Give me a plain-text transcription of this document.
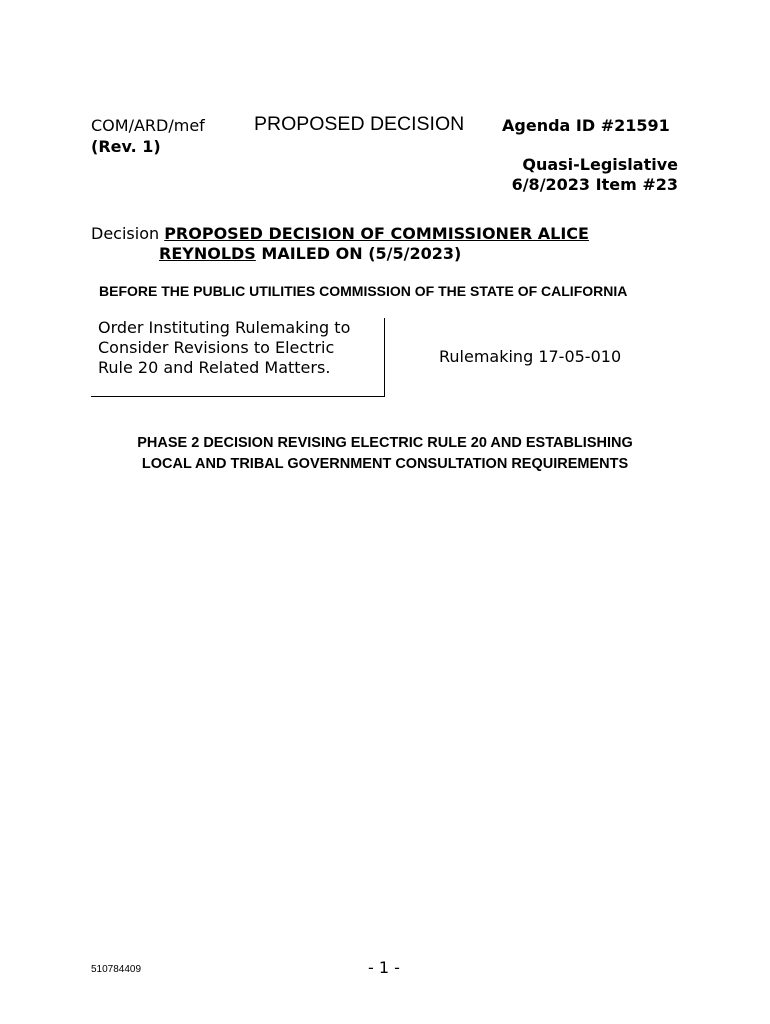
COM/ARD/mef
(Rev. 1)
PROPOSED DECISION Agenda ID #21591
Quasi-Legislative
6/8/2023 Item #23
Decision PROPOSED DECISION OF COMMISSIONER ALICE
REYNOLDS MAILED ON (5/5/2023)
BEFORE THE PUBLIC UTILITIES COMMISSION OF THE STATE OF CALIFORNIA
Order Instituting Rulemaking to
Consider Revisions to Electric
Rule 20 and Related Matters.
Rulemaking 17-05-010
PHASE 2 DECISION REVISING ELECTRIC RULE 20 AND ESTABLISHING
LOCAL AND TRIBAL GOVERNMENT CONSULTATION REQUIREMENTS
510784409	- 1 -
